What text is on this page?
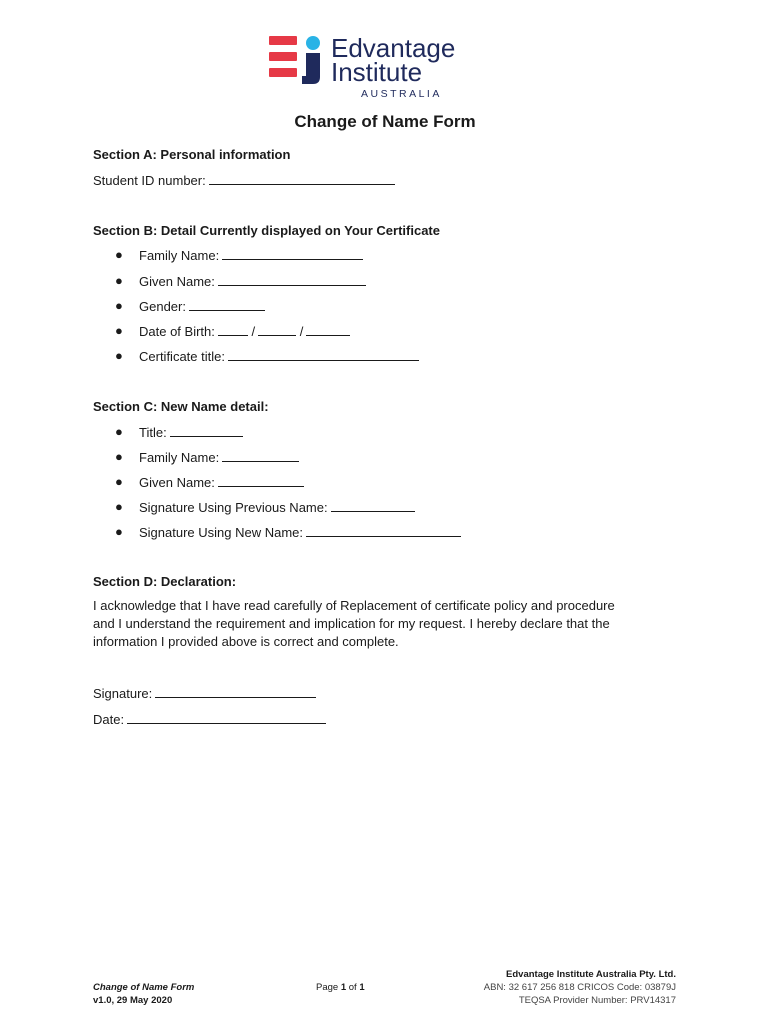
Edvantage
Institute
AUSTRALIA
Change of Name Form
Section A: Personal information
Student ID number:
Section B: Detail Currently displayed on Your Certificate
● Family Name:
● Given Name:
● Gender:
● Date of Birth:	/	/
● Certificate title:
Section C: New Name detail:
● Title:
● Family Name:
● Given Name:
● Signature Using Previous Name:
● Signature Using New Name:
Section D: Declaration:
I acknowledge that I have read carefully of Replacement of certificate policy and procedure
and I understand the requirement and implication for my request. I hereby declare that the
information I provided above is correct and complete.
Signature:
Date:
Change of Name Form
v1.0, 29 May 2020
Page 1 of 1
Edvantage Institute Australia Pty. Ltd.
ABN: 32 617 256 818 CRICOS Code: 03879J
TEQSA Provider Number: PRV14317
